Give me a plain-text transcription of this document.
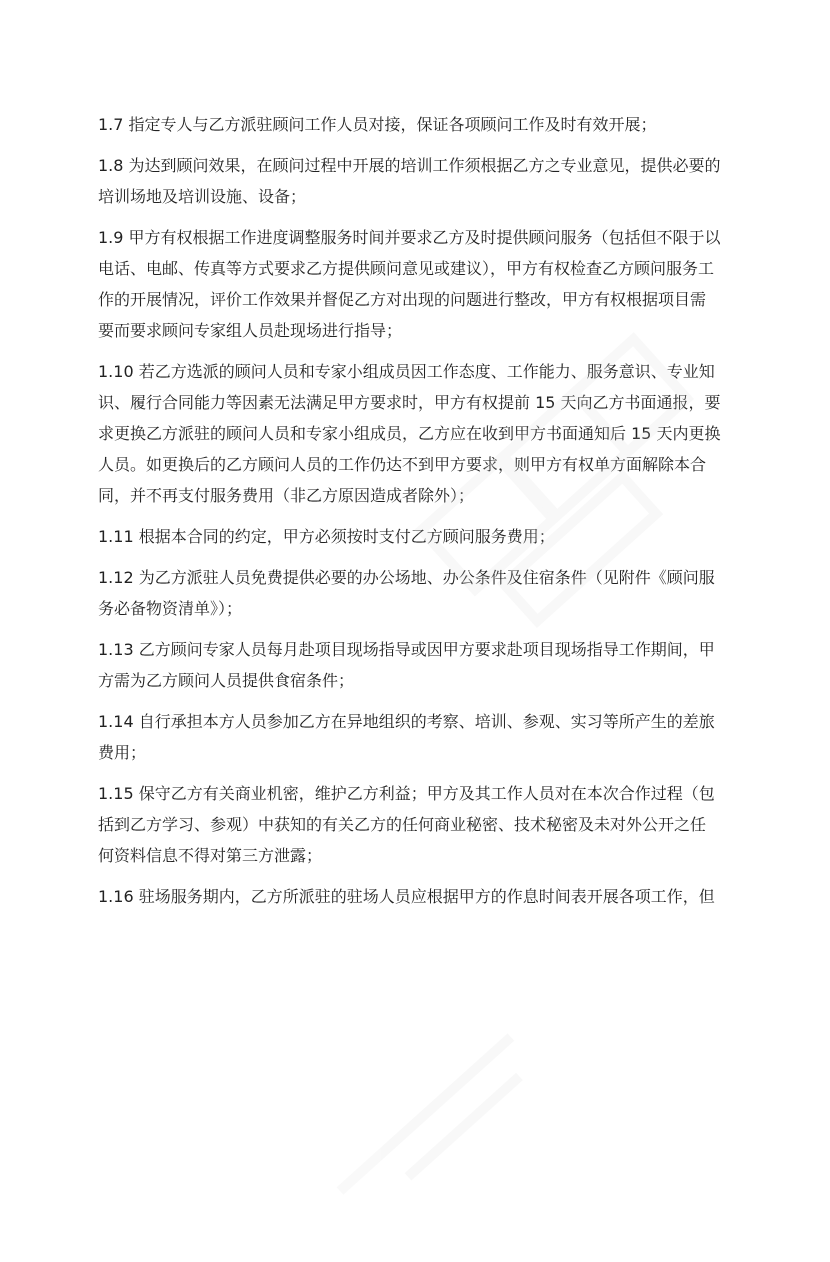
1.7 指定专人与乙方派驻顾问工作人员对接，保证各项顾问工作及时有效开展；
1.8 为达到顾问效果，在顾问过程中开展的培训工作须根据乙方之专业意见，提供必要的
培训场地及培训设施、设备；
1.9 甲方有权根据工作进度调整服务时间并要求乙方及时提供顾问服务（包括但不限于以
电话、电邮、传真等方式要求乙方提供顾问意见或建议），甲方有权检查乙方顾问服务工
作的开展情况，评价工作效果并督促乙方对出现的问题进行整改，甲方有权根据项目需
要而要求顾问专家组人员赴现场进行指导；
1.10 若乙方选派的顾问人员和专家小组成员因工作态度、工作能力、服务意识、专业知
识、履行合同能力等因素无法满足甲方要求时，甲方有权提前 15 天向乙方书面通报，要
求更换乙方派驻的顾问人员和专家小组成员，乙方应在收到甲方书面通知后 15 天内更换
人员。如更换后的乙方顾问人员的工作仍达不到甲方要求，则甲方有权单方面解除本合
同，并不再支付服务费用（非乙方原因造成者除外）；
1.11 根据本合同的约定，甲方必须按时支付乙方顾问服务费用；
1.12 为乙方派驻人员免费提供必要的办公场地、办公条件及住宿条件（见附件《顾问服
务必备物资清单》）；
1.13 乙方顾问专家人员每月赴项目现场指导或因甲方要求赴项目现场指导工作期间，甲
方需为乙方顾问人员提供食宿条件；
1.14 自行承担本方人员参加乙方在异地组织的考察、培训、参观、实习等所产生的差旅
费用；
1.15 保守乙方有关商业机密，维护乙方利益；甲方及其工作人员对在本次合作过程（包
括到乙方学习、参观）中获知的有关乙方的任何商业秘密、技术秘密及未对外公开之任
何资料信息不得对第三方泄露；
1.16 驻场服务期内，乙方所派驻的驻场人员应根据甲方的作息时间表开展各项工作，但
